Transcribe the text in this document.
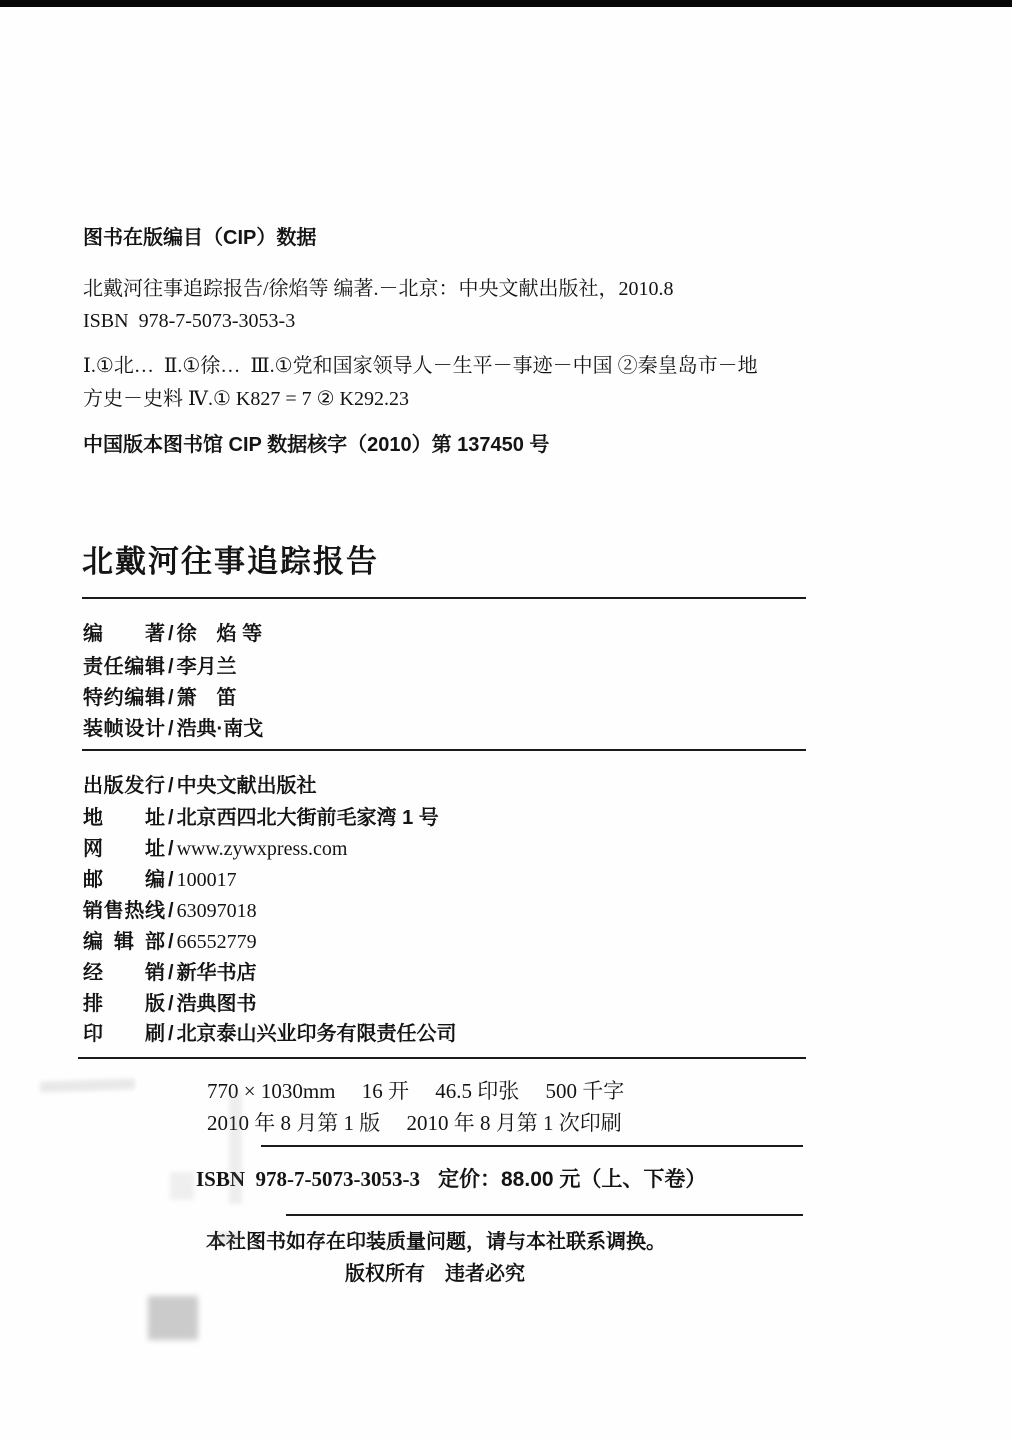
图书在版编目（CIP）数据
北戴河往事追踪报告/徐焰等 编著.－北京：中央文献出版社，2010.8
ISBN  978-7-5073-3053-3
Ⅰ.①北…  Ⅱ.①徐…  Ⅲ.①党和国家领导人－生平－事迹－中国 ②秦皇岛市－地
方史－史料 Ⅳ.① K827 = 7 ② K292.23
中国版本图书馆 CIP 数据核字（2010）第 137450 号
北戴河往事追踪报告
编著 / 徐　焰 等
责任编辑 / 李月兰
特约编辑 / 箫　笛
装帧设计 / 浩典·南戈
出版发行 / 中央文献出版社
地址 / 北京西四北大街前毛家湾 1 号
网址 / www.zywxpress.com
邮编 / 100017
销售热线 / 63097018
编辑部 / 66552779
经销 / 新华书店
排版 / 浩典图书
印刷 / 北京泰山兴业印务有限责任公司
770 × 1030mm　 16 开　 46.5 印张　 500 千字
2010 年 8 月第 1 版　 2010 年 8 月第 1 次印刷
ISBN  978-7-5073-3053-3 定价：88.00 元（上、下卷）
本社图书如存在印装质量问题，请与本社联系调换。
版权所有　违者必究
